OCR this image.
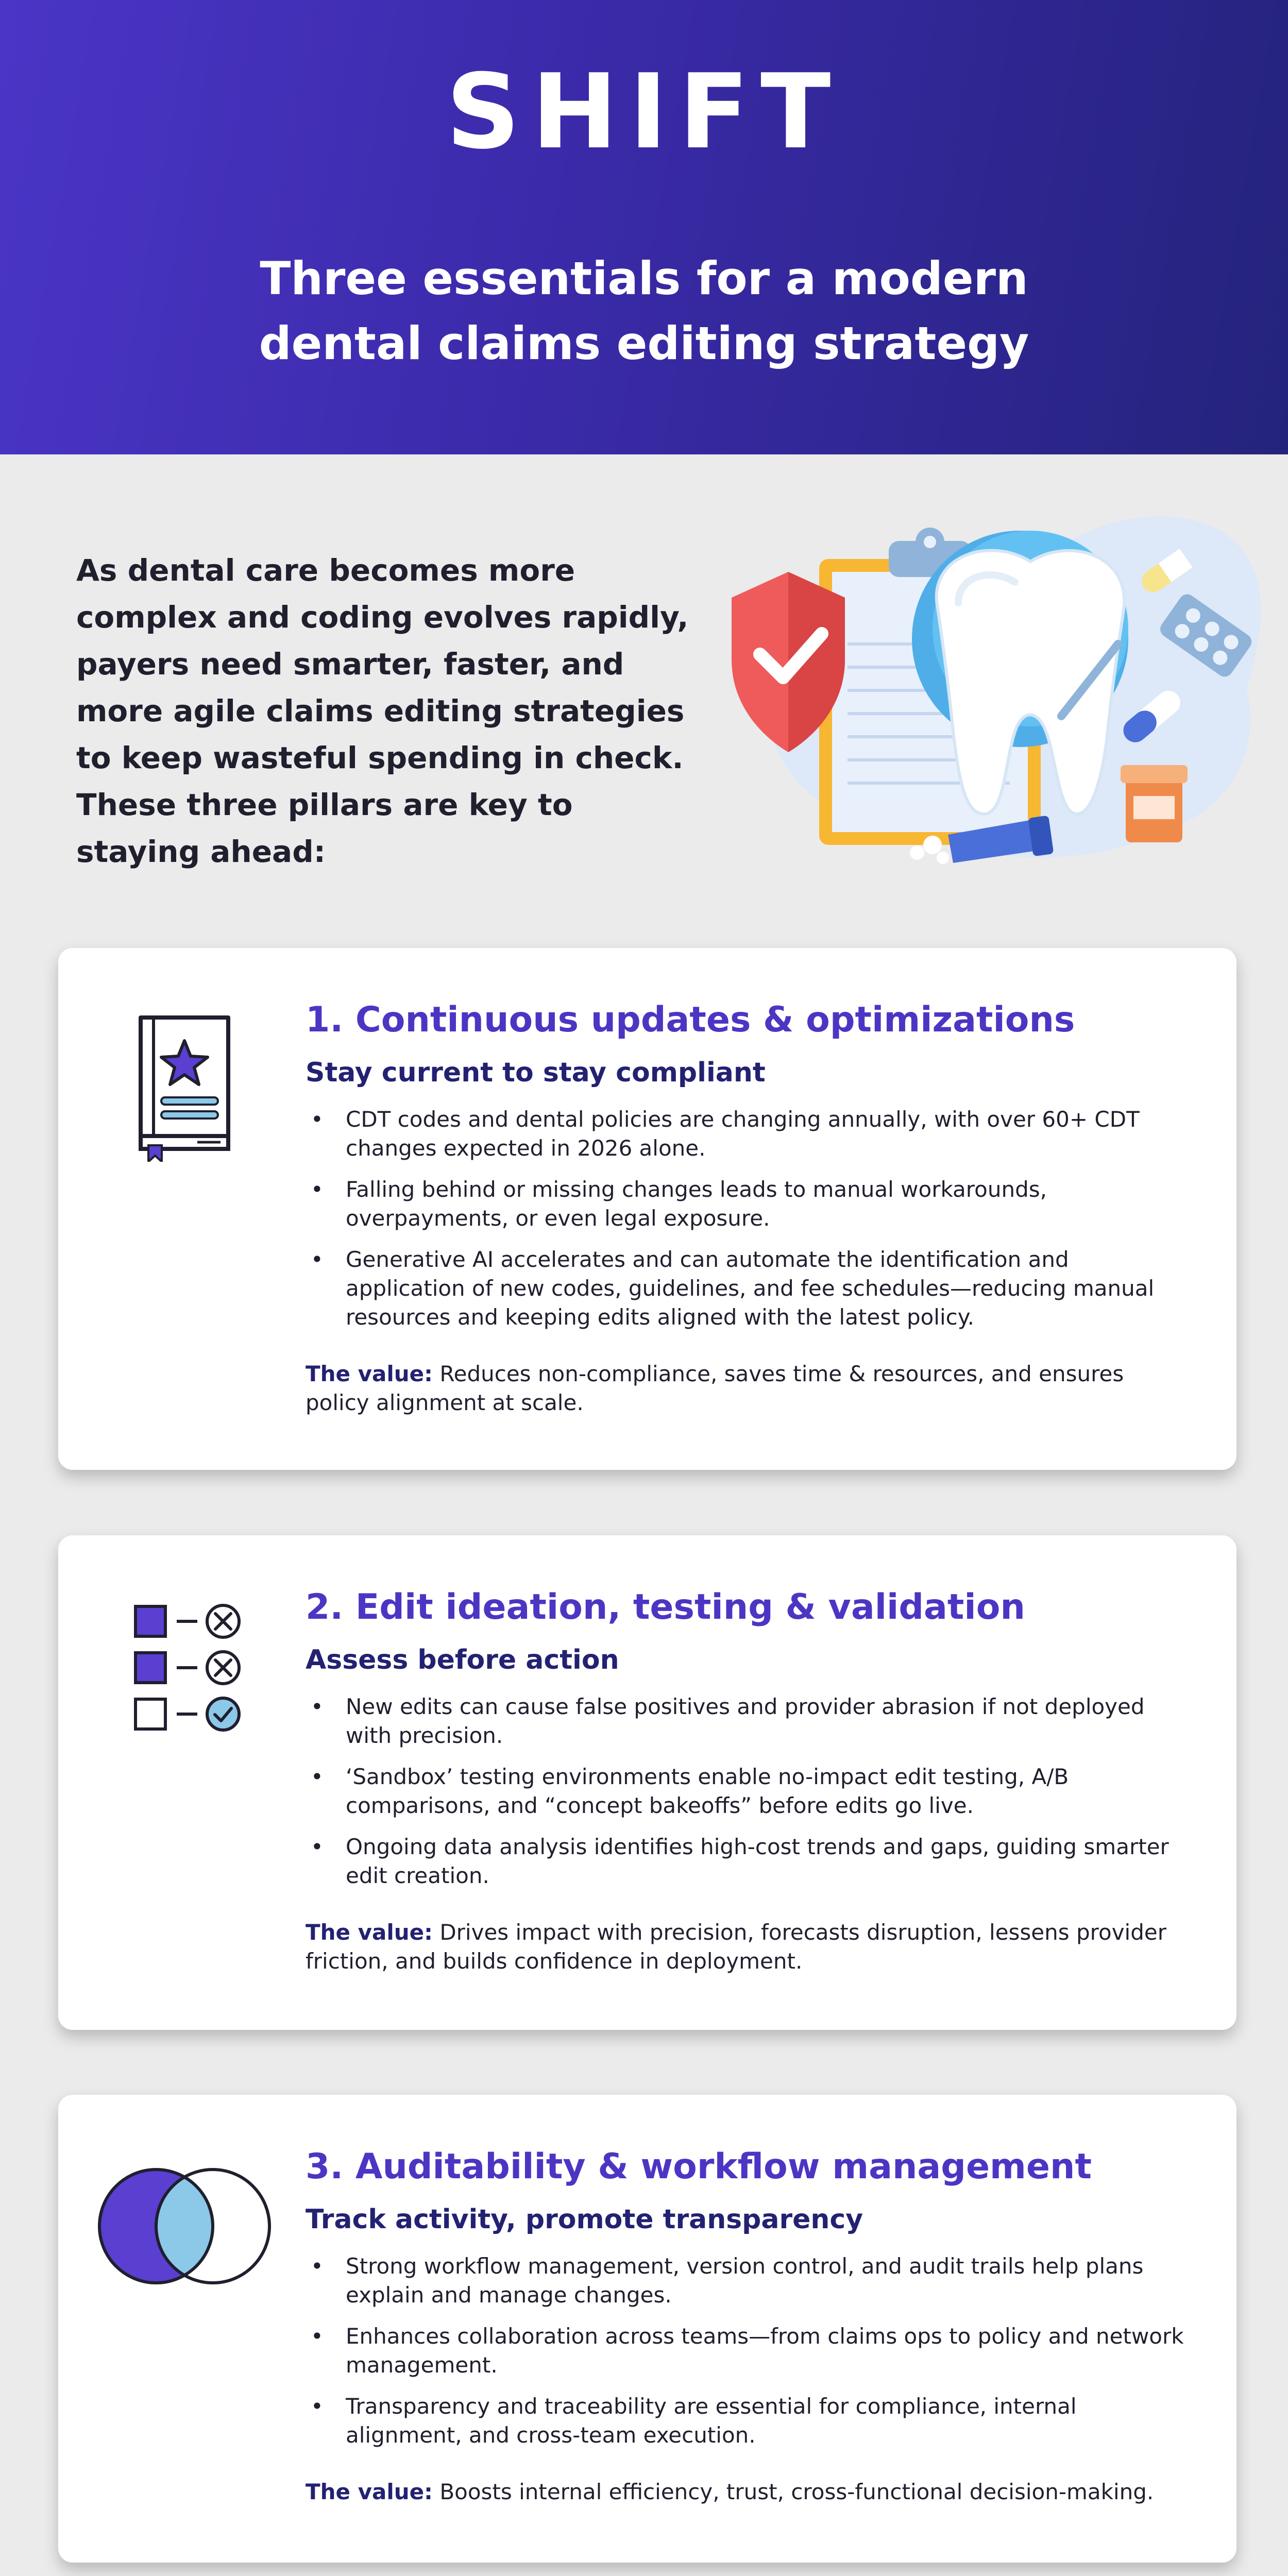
SHIFT
Three essentials for a modern
dental claims editing strategy
As dental care becomes more complex and coding evolves rapidly, payers need smarter, faster, and more agile claims editing strategies to keep wasteful spending in check. These three pillars are key to staying ahead:
1. Continuous updates & optimizations
Stay current to stay compliant
• CDT codes and dental policies are changing annually, with over 60+ CDT changes expected in 2026 alone.
• Falling behind or missing changes leads to manual workarounds, overpayments, or even legal exposure.
• Generative AI accelerates and can automate the identification and application of new codes, guidelines, and fee schedules—reducing manual resources and keeping edits aligned with the latest policy.
The value: Reduces non-compliance, saves time & resources, and ensures policy alignment at scale.
2. Edit ideation, testing & validation
Assess before action
• New edits can cause false positives and provider abrasion if not deployed with precision.
• ‘Sandbox’ testing environments enable no-impact edit testing, A/B comparisons, and “concept bakeoffs” before edits go live.
• Ongoing data analysis identifies high-cost trends and gaps, guiding smarter edit creation.
The value: Drives impact with precision, forecasts disruption, lessens provider friction, and builds confidence in deployment.
3. Auditability & workflow management
Track activity, promote transparency
• Strong workflow management, version control, and audit trails help plans explain and manage changes.
• Enhances collaboration across teams—from claims ops to policy and network management.
• Transparency and traceability are essential for compliance, internal alignment, and cross-team execution.
The value: Boosts internal efficiency, trust, cross-functional decision-making.
